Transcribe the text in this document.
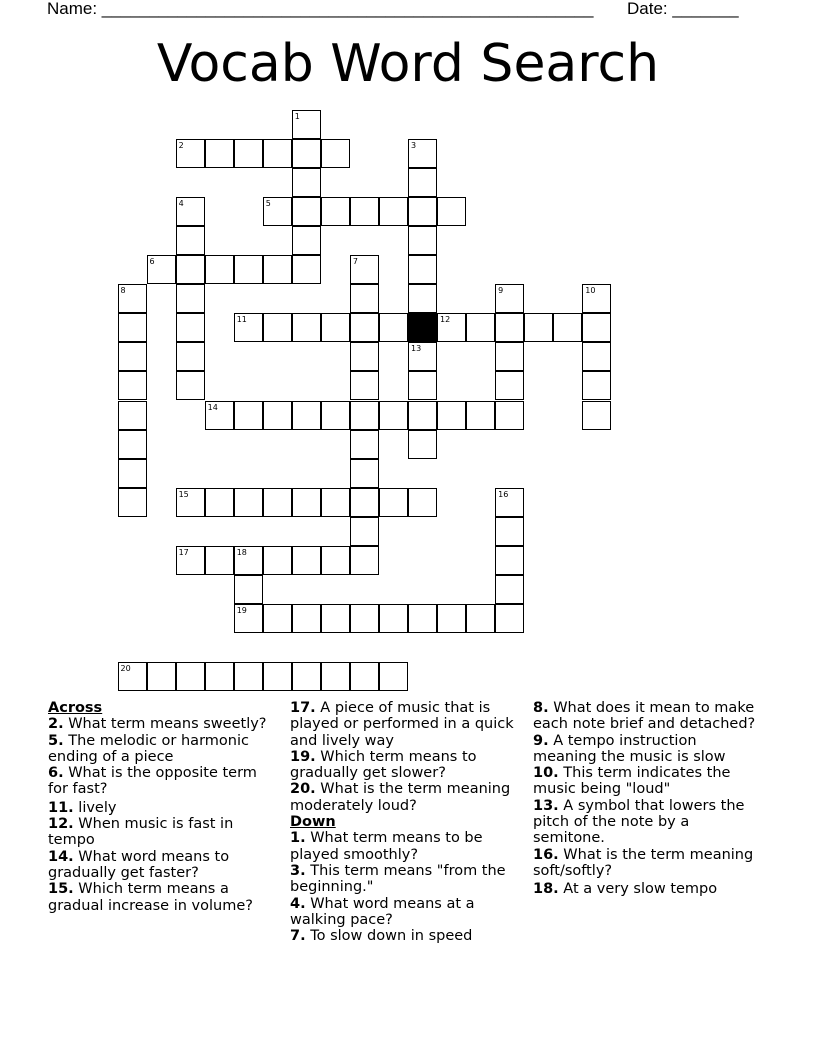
Name: ____________________________________________________ Date: _______
Vocab Word Search
2
5
6
11	12
14
15
17	18
19
20
1
3
13
4
7
8	9	10
16

Across

2. What term means sweetly?

5. The melodic or harmonic ending of a piece

6. What is the opposite term for fast?

11. lively

12. When music is fast in tempo

14. What word means to gradually get faster?

15. Which term means a gradual increase in volume?

17. A piece of music that is played or performed in a quick and lively way

19. Which term means to gradually get slower?

20. What is the term meaning moderately loud?

Down

1. What term means to be played smoothly?

3. This term means "from the beginning."

4. What word means at a walking pace?

7. To slow down in speed

8. What does it mean to make each note brief and detached?

9. A tempo instruction meaning the music is slow

10. This term indicates the music being "loud"

13. A symbol that lowers the pitch of the note by a semitone.

16. What is the term meaning soft/softly?

18. At a very slow tempo
